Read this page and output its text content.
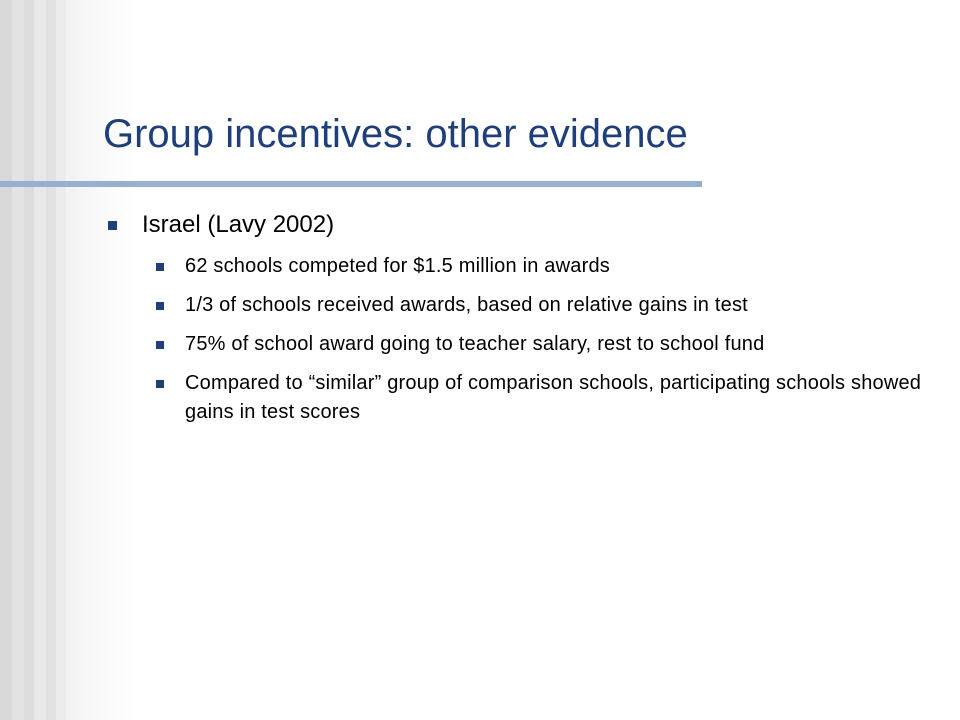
Group incentives: other evidence
Israel (Lavy 2002)
62 schools competed for $1.5 million in awards
1/3 of schools received awards, based on relative gains in test
75% of school award going to teacher salary, rest to school fund
Compared to “similar” group of comparison schools, participating schools showed gains in test scores
